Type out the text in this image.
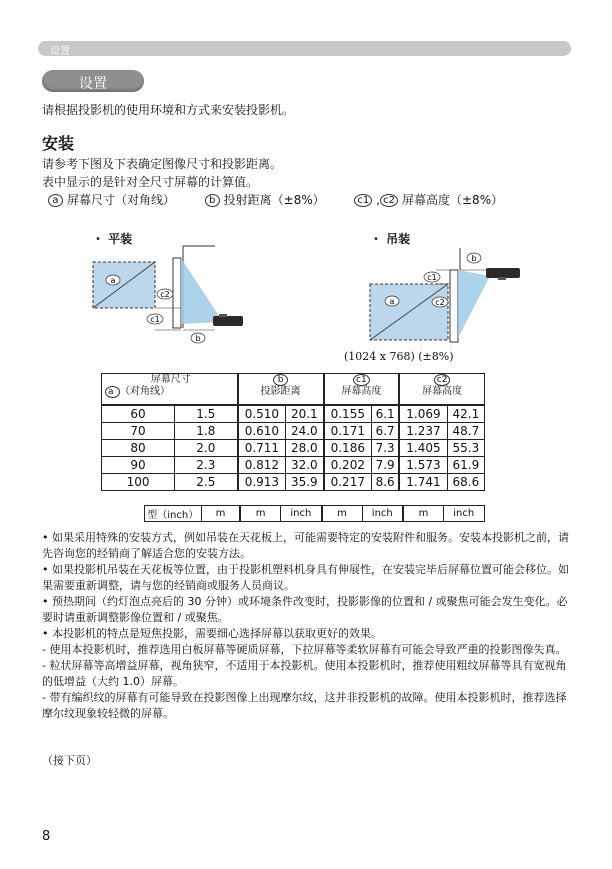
设置
设置
请根据投影机的使用环境和方式来安装投影机。
安装
请参考下图及下表确定图像尺寸和投影距离。
表中显示的是针对全尺寸屏幕的计算值。
a 屏幕尺寸（对角线）	b 投射距离（±8%）	c1 , c2 屏幕高度（±8%）
・ 平装	・ 吊装
a
c2
c1
b
a
c1
c2
b
(1024 x 768) (±8%)
屏幕尺寸
a （对角线）	b
投影距离	c1
屏幕高度	c2
屏幕高度

型（inch）	m	m	inch	m	inch	m	inch
60	1.5	0.510	20.1	0.155	6.1	1.069	42.1
70	1.8	0.610	24.0	0.171	6.7	1.237	48.7
80	2.0	0.711	28.0	0.186	7.3	1.405	55.3
90	2.3	0.812	32.0	0.202	7.9	1.573	61.9
100	2.5	0.913	35.9	0.217	8.6	1.741	68.6

• 如果采用特殊的安装方式，例如吊装在天花板上，可能需要特定的安装附件和服务。安装本投影机之前，请先咨询您的经销商了解适合您的安装方法。

• 如果投影机吊装在天花板等位置，由于投影机塑料机身具有伸展性，在安装完毕后屏幕位置可能会移位。如果需要重新调整，请与您的经销商或服务人员商议。

• 预热期间（约灯泡点亮后的 30 分钟）或环境条件改变时，投影影像的位置和 / 或聚焦可能会发生变化。必要时请重新调整影像位置和 / 或聚焦。

• 本投影机的特点是短焦投影，需要细心选择屏幕以获取更好的效果。

- 使用本投影机时，推荐选用白板屏幕等硬质屏幕，下拉屏幕等柔软屏幕有可能会导致严重的投影图像失真。

- 粒状屏幕等高增益屏幕，视角狭窄，不适用于本投影机。使用本投影机时，推荐使用粗纹屏幕等具有宽视角的低增益（大约 1.0）屏幕。

- 带有编织纹的屏幕有可能导致在投影图像上出现摩尔纹，这并非投影机的故障。使用本投影机时，推荐选择摩尔纹现象较轻微的屏幕。

（接下页）
8
